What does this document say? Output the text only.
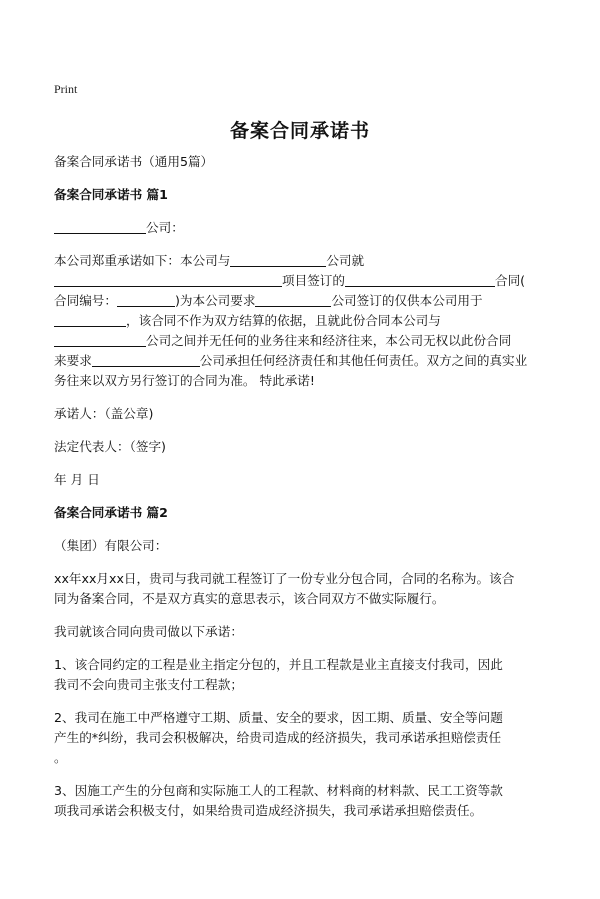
Print
备案合同承诺书

备案合同承诺书（通用5篇）

备案合同承诺书 篇1

公司：

本公司郑重承诺如下：本公司与	公司就
项目签订的	合同(
合同编号：	)为本公司要求	公司签订的仅供本公司用于
，该合同不作为双方结算的依据，且就此份合同本公司与
公司之间并无任何的业务往来和经济往来，本公司无权以此份合同
来要求	公司承担任何经济责任和其他任何责任。双方之间的真实业
务往来以双方另行签订的合同为准。 特此承诺!

承诺人：（盖公章)

法定代表人：（签字)

年 月 日

备案合同承诺书 篇2

（集团）有限公司：

xx年xx月xx日，贵司与我司就工程签订了一份专业分包合同，合同的名称为。该合
同为备案合同，不是双方真实的意思表示，该合同双方不做实际履行。

我司就该合同向贵司做以下承诺：

1、该合同约定的工程是业主指定分包的，并且工程款是业主直接支付我司，因此
我司不会向贵司主张支付工程款；

2、我司在施工中严格遵守工期、质量、安全的要求，因工期、质量、安全等问题
产生的*纠纷，我司会积极解决，给贵司造成的经济损失，我司承诺承担赔偿责任
。

3、因施工产生的分包商和实际施工人的工程款、材料商的材料款、民工工资等款
项我司承诺会积极支付，如果给贵司造成经济损失，我司承诺承担赔偿责任。
